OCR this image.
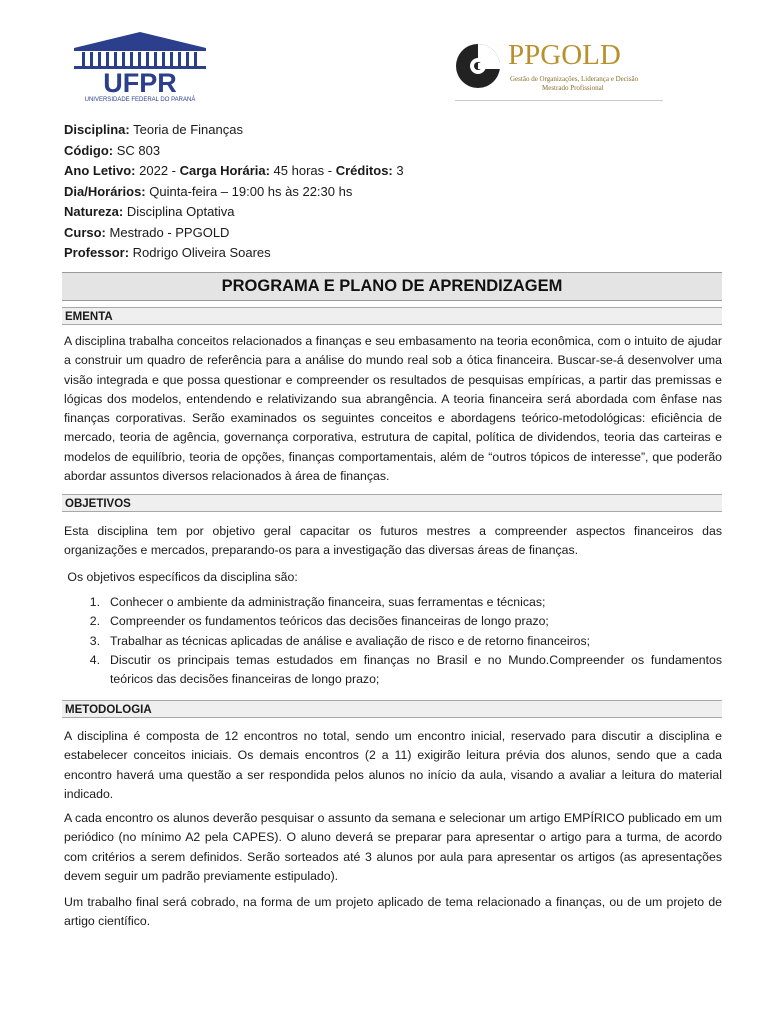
UFPR
UNIVERSIDADE FEDERAL DO PARANÁ
PPGOLD
Gestão de Organizações, Liderança e Decisão
Mestrado Profissional
Disciplina: Teoria de Finanças
Código: SC 803
Ano Letivo: 2022 - Carga Horária: 45 horas - Créditos: 3
Dia/Horários: Quinta-feira – 19:00 hs às 22:30 hs
Natureza: Disciplina Optativa
Curso: Mestrado - PPGOLD
Professor: Rodrigo Oliveira Soares
PROGRAMA E PLANO DE APRENDIZAGEM
EMENTA

A disciplina trabalha conceitos relacionados a finanças e seu embasamento na teoria econômica, com o intuito de ajudar a construir um quadro de referência para a análise do mundo real sob a ótica financeira. Buscar-se-á desenvolver uma visão integrada e que possa questionar e compreender os resultados de pesquisas empíricas, a partir das premissas e lógicas dos modelos, entendendo e relativizando sua abrangência. A teoria financeira será abordada com ênfase nas finanças corporativas. Serão examinados os seguintes conceitos e abordagens teórico-metodológicas: eficiência de mercado, teoria de agência, governança corporativa, estrutura de capital, política de dividendos, teoria das carteiras e modelos de equilíbrio, teoria de opções, finanças comportamentais, além de “outros tópicos de interesse”, que poderão abordar assuntos diversos relacionados à área de finanças.

OBJETIVOS

Esta disciplina tem por objetivo geral capacitar os futuros mestres a compreender aspectos financeiros das organizações e mercados, preparando-os para a investigação das diversas áreas de finanças.

Os objetivos específicos da disciplina são:

1. Conhecer o ambiente da administração financeira, suas ferramentas e técnicas;
2. Compreender os fundamentos teóricos das decisões financeiras de longo prazo;
3. Trabalhar as técnicas aplicadas de análise e avaliação de risco e de retorno financeiros;
4. Discutir os principais temas estudados em finanças no Brasil e no Mundo.Compreender os fundamentos teóricos das decisões financeiras de longo prazo;
METODOLOGIA

A disciplina é composta de 12 encontros no total, sendo um encontro inicial, reservado para discutir a disciplina e estabelecer conceitos iniciais. Os demais encontros (2 a 11) exigirão leitura prévia dos alunos, sendo que a cada encontro haverá uma questão a ser respondida pelos alunos no início da aula, visando a avaliar a leitura do material indicado.

A cada encontro os alunos deverão pesquisar o assunto da semana e selecionar um artigo EMPÍRICO publicado em um periódico (no mínimo A2 pela CAPES). O aluno deverá se preparar para apresentar o artigo para a turma, de acordo com critérios a serem definidos. Serão sorteados até 3 alunos por aula para apresentar os artigos (as apresentações devem seguir um padrão previamente estipulado).

Um trabalho final será cobrado, na forma de um projeto aplicado de tema relacionado a finanças, ou de um projeto de artigo científico.
